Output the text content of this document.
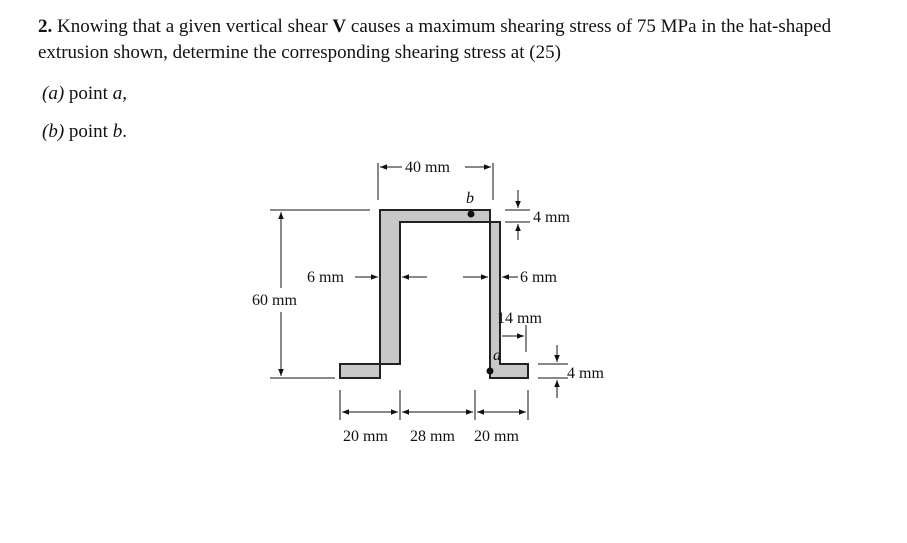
2. Knowing that a given vertical shear V causes a maximum shearing stress of 75 MPa in the hat-shaped extrusion shown, determine the corresponding shearing stress at (25)

(a) point a,
(b) point b.
b
a
40 mm
4 mm
6 mm	6 mm
60 mm
14 mm
4 mm
20 mm 28 mm 20 mm
